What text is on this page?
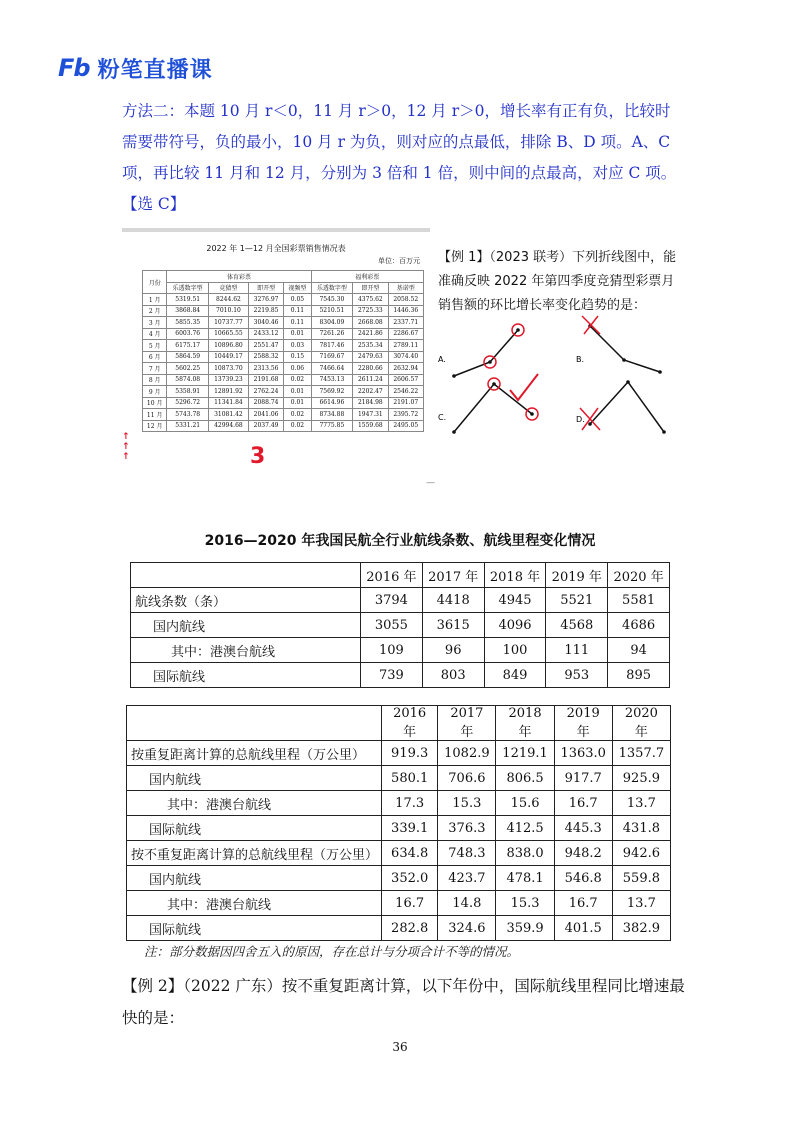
Fb 粉笔直播课

方法二：本题 10 月 r＜0，11 月 r＞0，12 月 r＞0，增长率有正有负，比较时需要带符号，负的最小，10 月 r 为负，则对应的点最低，排除 B、D 项。A、C 项，再比较 11 月和 12 月，分别为 3 倍和 1 倍，则中间的点最高，对应 C 项。【选 C】

2022 年 1—12 月全国彩票销售情况表
单位：百万元
月份	体育彩票				福利彩票		
	乐透数字型	竞猜型	即开型	视频型	乐透数字型	即开型	基诺型
1 月	5319.51	8244.62	3276.97	0.05	7545.30	4375.62	2058.52
2 月	3868.84	7010.10	2219.85	0.11	5210.51	2725.33	1446.36
3 月	5855.35	10737.77	3040.46	0.11	8304.09	2668.08	2337.71
4 月	6003.76	10665.55	2433.12	0.01	7261.26	2421.86	2286.67
5 月	6175.17	10896.80	2551.47	0.03	7817.46	2535.34	2789.11
6 月	5864.59	10449.17	2588.32	0.15	7169.67	2479.63	3074.40
7 月	5602.25	10873.70	2313.56	0.06	7466.64	2280.66	2632.94
8 月	5874.08	13739.23	2191.68	0.02	7453.13	2611.24	2606.57
9 月	5358.91	12891.92	2762.24	0.01	7569.92	2202.47	2546.22
10 月	5296.72	11341.84	2088.74	0.01	6614.96	2184.98	2191.07
11 月	5743.78	31081.42	2041.06	0.02	8734.88	1947.31	2395.72
12 月	5331.21	42994.68	2037.49	0.02	7775.85	1559.68	2495.05
↑
↑
↑	3
【例 1】（2023 联考）下列折线图中，能准确反映 2022 年第四季度竞猜型彩票月销售额的环比增长率变化趋势的是：
A.	B.
C.	D.
—
2016—2020 年我国民航全行业航线条数、航线里程变化情况
	2016 年	2017 年	2018 年	2019 年	2020 年
航线条数（条）	3794	4418	4945	5521	5581
国内航线	3055	3615	4096	4568	4686
其中：港澳台航线	109	96	100	111	94
国际航线	739	803	849	953	895
	2016 年	2017 年	2018 年	2019 年	2020 年
按重复距离计算的总航线里程（万公里）	919.3	1082.9	1219.1	1363.0	1357.7
国内航线	580.1	706.6	806.5	917.7	925.9
其中：港澳台航线	17.3	15.3	15.6	16.7	13.7
国际航线	339.1	376.3	412.5	445.3	431.8
按不重复距离计算的总航线里程（万公里）	634.8	748.3	838.0	948.2	942.6
国内航线	352.0	423.7	478.1	546.8	559.8
其中：港澳台航线	16.7	14.8	15.3	16.7	13.7
国际航线	282.8	324.6	359.9	401.5	382.9
注：部分数据因四舍五入的原因，存在总计与分项合计不等的情况。

【例 2】（2022 广东）按不重复距离计算，以下年份中，国际航线里程同比增速最快的是：

36
